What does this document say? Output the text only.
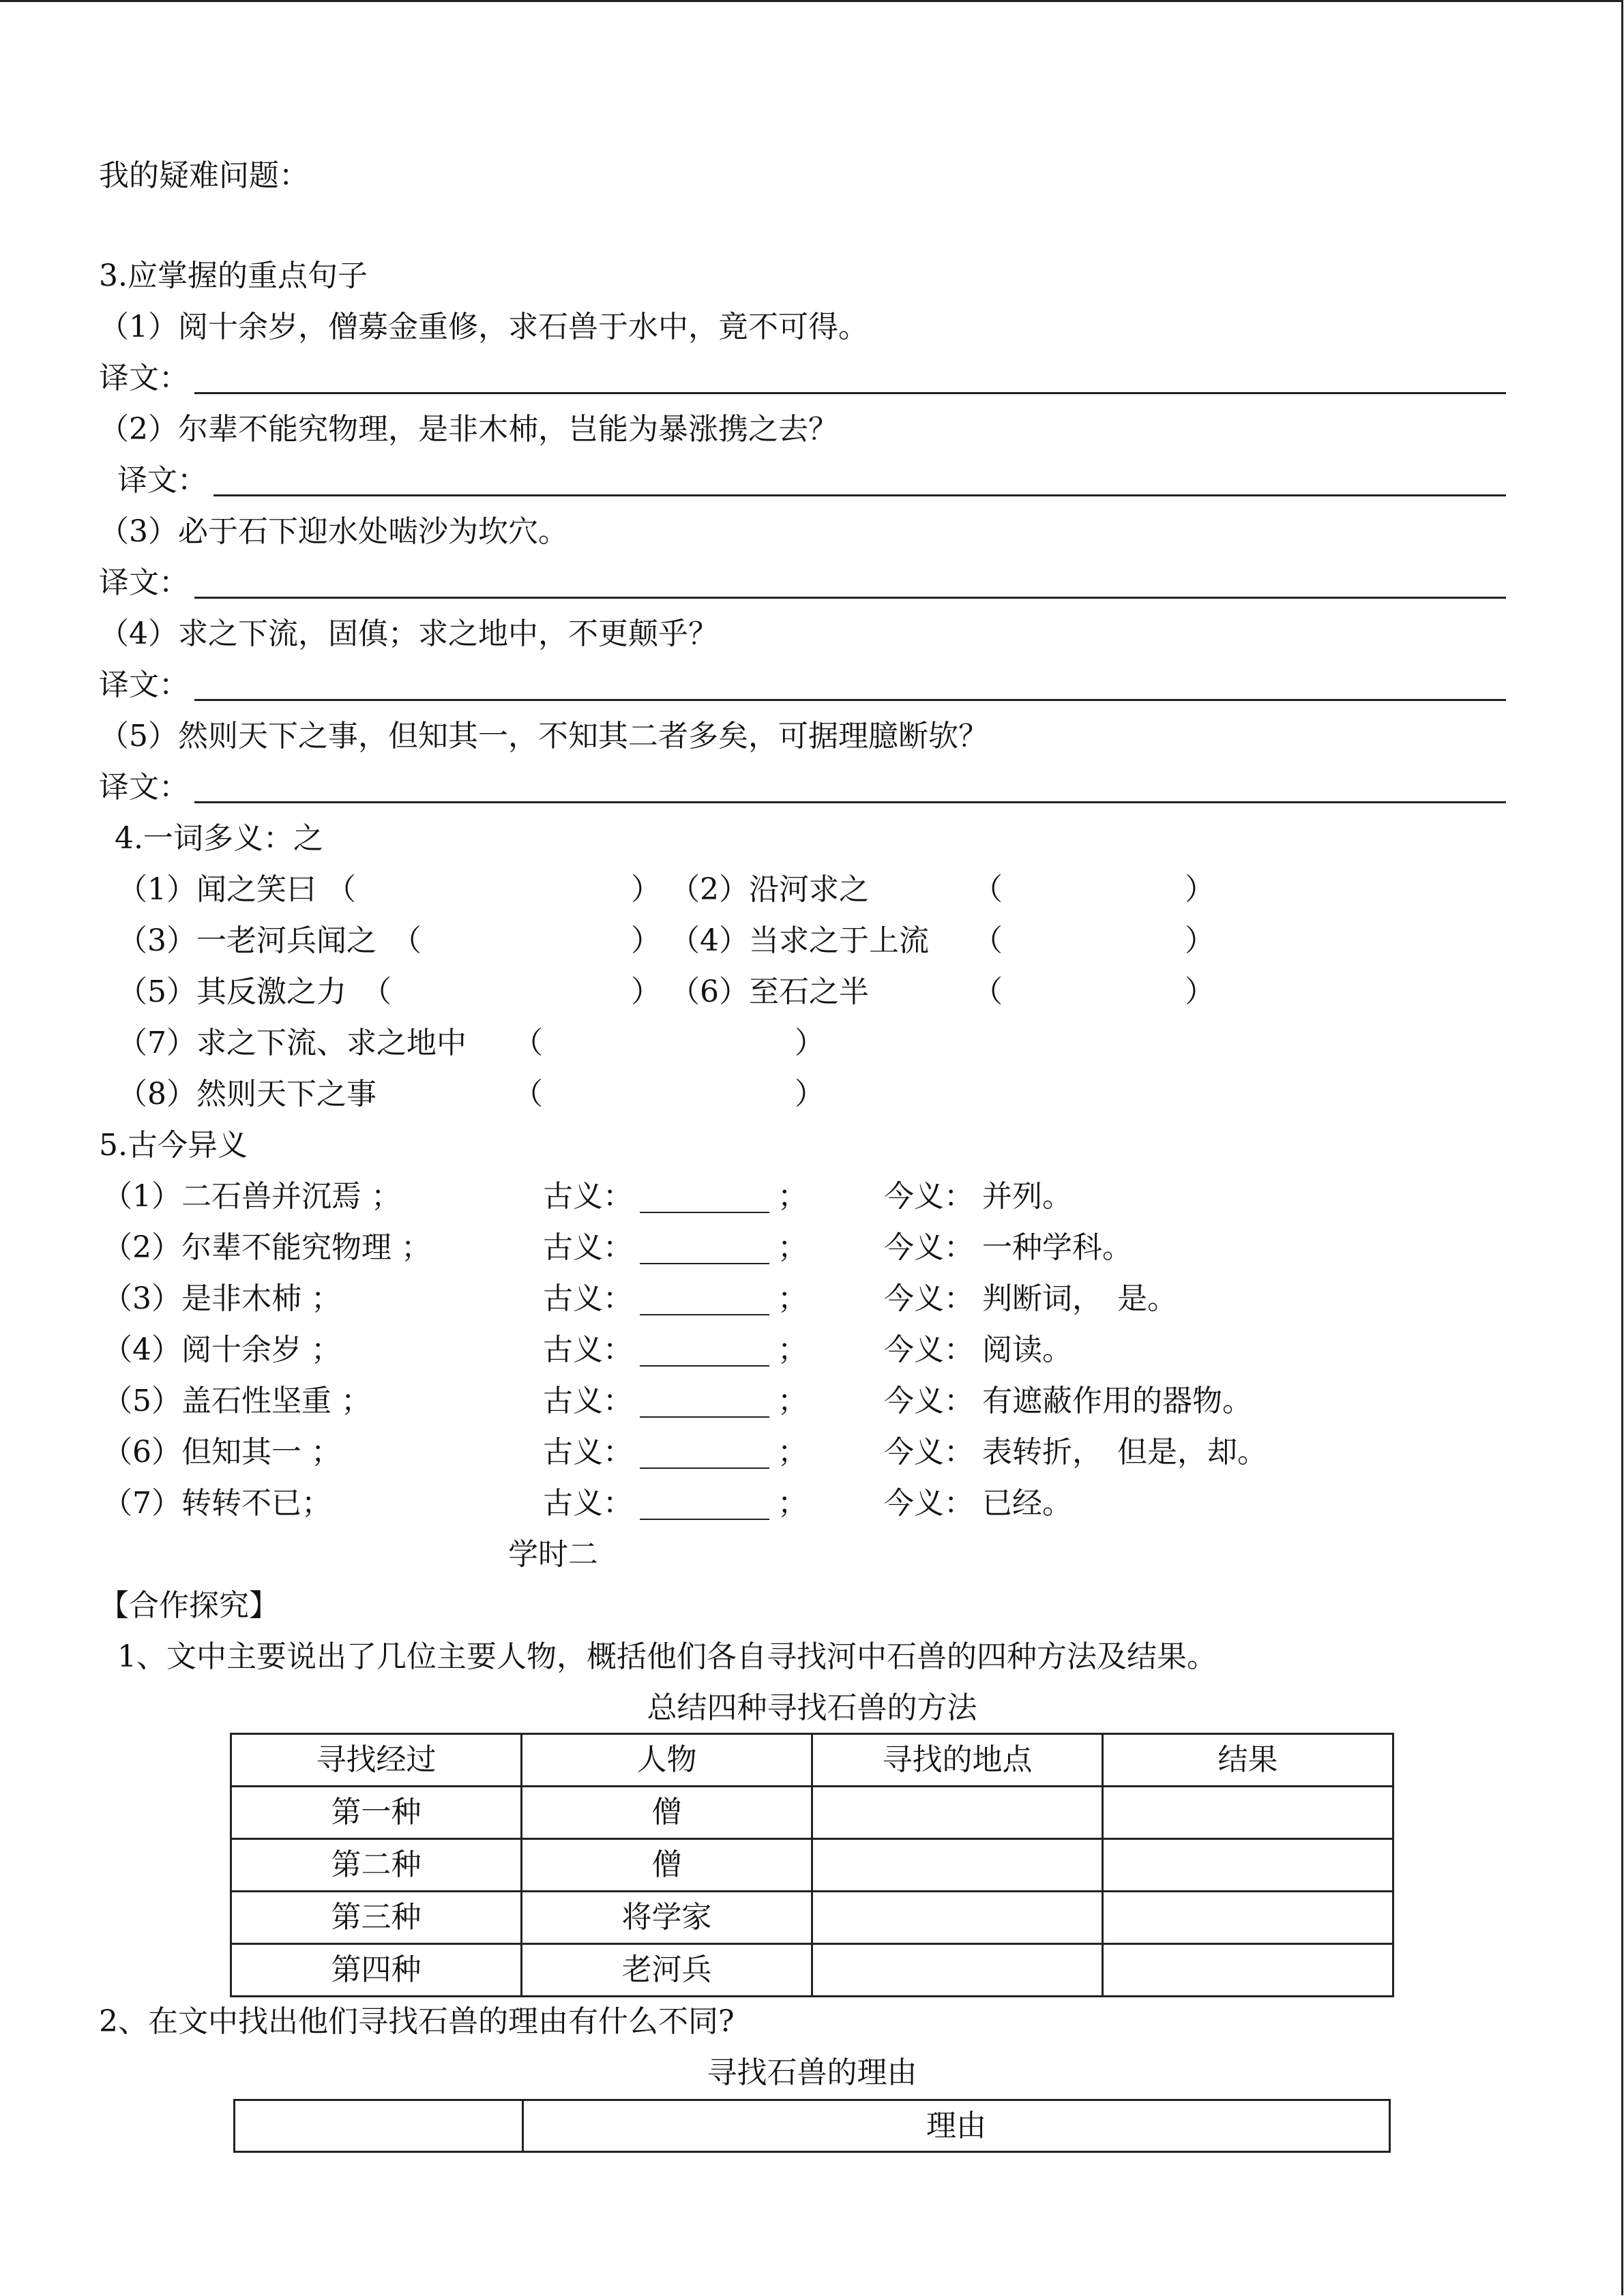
我的疑难问题：
3.应掌握的重点句子
（1）阅十余岁，僧募金重修，求石兽于水中，竟不可得。
译文：
（2）尔辈不能究物理，是非木杮，岂能为暴涨携之去？
译文：
（3）必于石下迎水处啮沙为坎穴。
译文：
（4）求之下流，固傎；求之地中，不更颠乎？
译文：
（5）然则天下之事，但知其一，不知其二者多矣，可据理臆断欤？
译文：
4.一词多义：之
（1）闻之笑曰 （	） （2）沿河求之	（	）
（3）一老河兵闻之 （	） （4）当求之于上流 （	）
（5）其反激之力 （	） （6）至石之半	（	）
（7）求之下流、求之地中 （	）
（8）然则天下之事	（	）
5.古今异义
（1）二石兽并沉焉 ；	古义：	；	今义： 并列。
（2）尔辈不能究物理 ；	古义：	；	今义： 一种学科。
（3）是非木杮 ；	古义：	；	今义： 判断词，　是。
（4）阅十余岁 ；	古义：	；	今义： 阅读。
（5）盖石性坚重 ；	古义：	；	今义： 有遮蔽作用的器物。
（6）但知其一 ；	古义：	；	今义： 表转折，　但是，却。
（7）转转不已；	古义：	；	今义： 已经。
学时二
【合作探究】
1、文中主要说出了几位主要人物，概括他们各自寻找河中石兽的四种方法及结果。
总结四种寻找石兽的方法
寻找经过	人物	寻找的地点	结果
第一种	僧		
第二种	僧		
第三种	将学家		
第四种	老河兵		
2、在文中找出他们寻找石兽的理由有什么不同?
寻找石兽的理由
	理由
